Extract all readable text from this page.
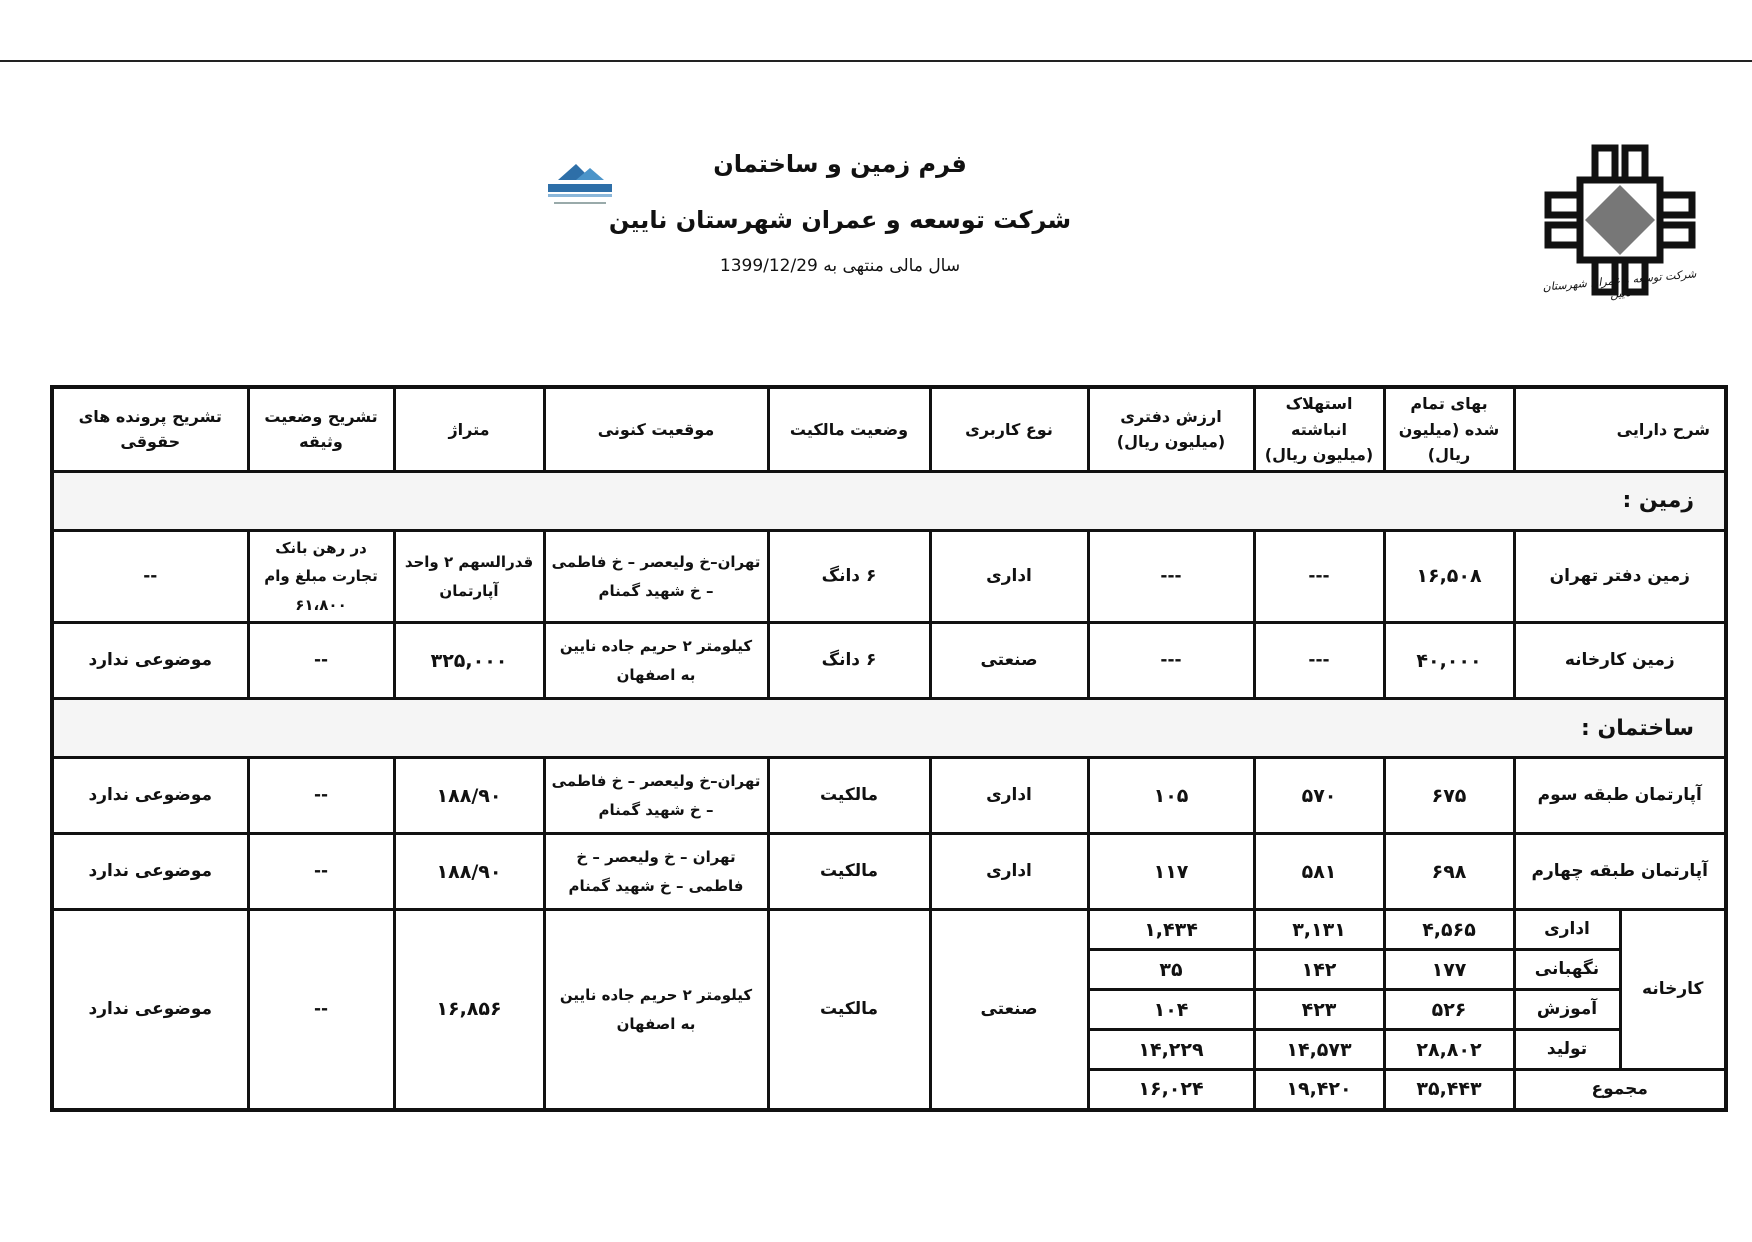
شرکت توسعه و عمران شهرستان نایین
فرم زمین و ساختمان
شرکت توسعه و عمران شهرستان نایین
سال مالی منتهی به 1399/12/29
شرح دارایی		بهای تمام شده (میلیون ریال)	استهلاک انباشته (میلیون ریال)	ارزش دفتری (میلیون ریال)	نوع کاربری	وضعیت مالکیت	موقعیت کنونی	متراژ	تشریح وضعیت وثیقه	تشریح پرونده های حقوقی
زمین :										
زمین دفتر تهران		۱۶,۵۰۸	---	---	اداری	۶ دانگ	تهران–خ ولیعصر – خ فاطمی – خ شهید گمنام	قدرالسهم ۲ واحد آپارتمان	در رهن بانک تجارت مبلغ وام ۶۱،۸۰۰	--
زمین کارخانه		۴۰,۰۰۰	---	---	صنعتی	۶ دانگ	کیلومتر ۲ حریم جاده نایین به اصفهان	۳۲۵,۰۰۰	--	موضوعی ندارد
ساختمان :										
آپارتمان طبقه سوم		۶۷۵	۵۷۰	۱۰۵	اداری	مالکیت	تهران–خ ولیعصر – خ فاطمی – خ شهید گمنام	۱۸۸/۹۰	--	موضوعی ندارد
آپارتمان طبقه چهارم		۶۹۸	۵۸۱	۱۱۷	اداری	مالکیت	تهران – خ ولیعصر – خ فاطمی – خ شهید گمنام	۱۸۸/۹۰	--	موضوعی ندارد
کارخانه	اداری	۴,۵۶۵	۳,۱۳۱	۱,۴۳۴	صنعتی	مالکیت	کیلومتر ۲ حریم جاده نایین به اصفهان	۱۶,۸۵۶	--	موضوعی ندارد
	نگهبانی	۱۷۷	۱۴۲	۳۵						
	آموزش	۵۲۶	۴۲۳	۱۰۴						
	تولید	۲۸,۸۰۲	۱۴,۵۷۳	۱۴,۲۲۹						
مجموع		۳۵,۴۴۳	۱۹,۴۲۰	۱۶,۰۲۴						
